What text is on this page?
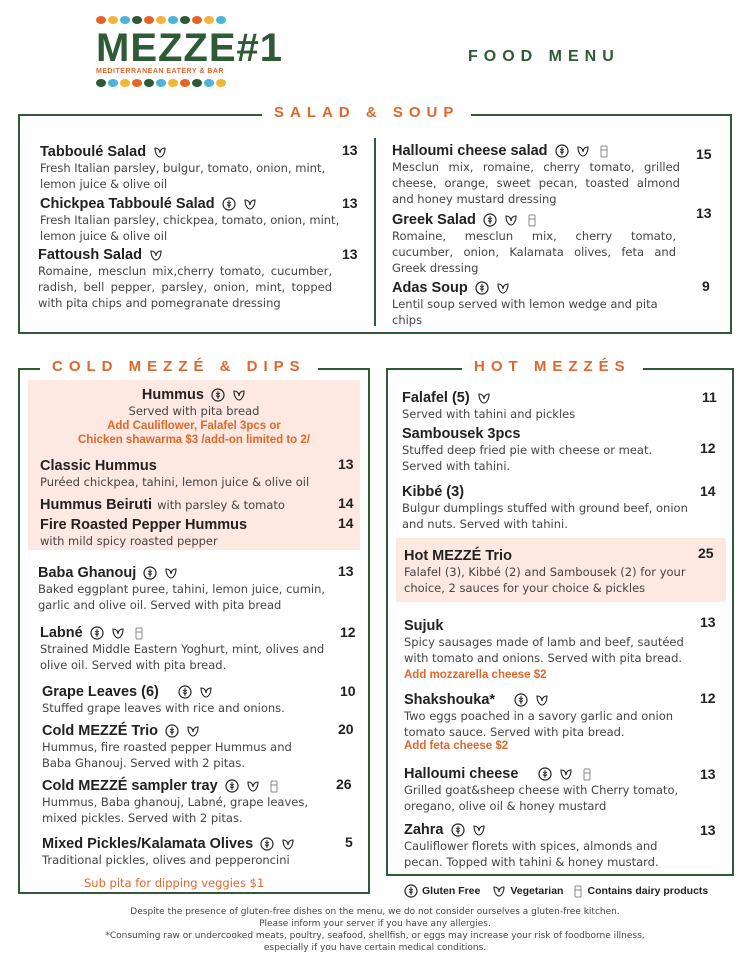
MEZZE#1
MEDITERRANEAN EATERY & BAR
FOOD MENU
SALAD & SOUP
Tabboulé Salad
Fresh Italian parsley, bulgur, tomato, onion, mint, lemon juice & olive oil
13
Chickpea Tabboulé Salad
Fresh Italian parsley, chickpea, tomato, onion, mint, lemon juice & olive oil
13
Fattoush Salad
Romaine, mesclun mix,cherry tomato, cucumber, radish, bell pepper, parsley, onion, mint, topped with pita chips and pomegranate dressing
13
Halloumi cheese salad
Mesclun mix, romaine, cherry tomato, grilled cheese, orange, sweet pecan, toasted almond and honey mustard dressing
15
Greek Salad
Romaine, mesclun mix, cherry tomato, cucumber, onion, Kalamata olives, feta and Greek dressing
13
Adas Soup
Lentil soup served with lemon wedge and pita chips
9
COLD MEZZÉ & DIPS
Hummus
Served with pita bread
Add Cauliflower, Falafel 3pcs or
Chicken shawarma $3 /add-on limited to 2/
Classic Hummus
Puréed chickpea, tahini, lemon juice & olive oil
13
Hummus Beiruti with parsley & tomato	14
Fire Roasted Pepper Hummus
with mild spicy roasted pepper
14
Baba Ghanouj
Baked eggplant puree, tahini, lemon juice, cumin, garlic and olive oil. Served with pita bread
13
Labné
Strained Middle Eastern Yoghurt, mint, olives and olive oil. Served with pita bread.
12
Grape Leaves (6)
Stuffed grape leaves with rice and onions.
10
Cold MEZZÉ Trio
Hummus, fire roasted pepper Hummus and Baba Ghanouj. Served with 2 pitas.
20
Cold MEZZÉ sampler tray
Hummus, Baba ghanouj, Labné, grape leaves, mixed pickles. Served with 2 pitas.
26
Mixed Pickles/Kalamata Olives
Traditional pickles, olives and pepperoncini
5
Sub pita for dipping veggies $1
HOT MEZZÉS
Falafel (5)
Served with tahini and pickles
11
Sambousek 3pcs
Stuffed deep fried pie with cheese or meat. Served with tahini.
12
Kibbé (3)
Bulgur dumplings stuffed with ground beef, onion and nuts. Served with tahini.
14
Hot MEZZÉ Trio
Falafel (3), Kibbé (2) and Sambousek (2) for your choice, 2 sauces for your choice & pickles
25
Sujuk
Spicy sausages made of lamb and beef, sautéed with tomato and onions. Served with pita bread. Add mozzarella cheese $2
13
Shakshouka*
Two eggs poached in a savory garlic and onion tomato sauce. Served with pita bread.
Add feta cheese $2
12
Halloumi cheese
Grilled goat&sheep cheese with Cherry tomato, oregano, olive oil & honey mustard
13
Zahra
Cauliflower florets with spices, almonds and pecan. Topped with tahini & honey mustard.
13
Gluten Free	Vegetarian Contains dairy products
Despite the presence of gluten-free dishes on the menu, we do not consider ourselves a gluten-free kitchen.
Please inform your server if you have any allergies.
*Consuming raw or undercooked meats, poultry, seafood, shellfish, or eggs may increase your risk of foodborne illness,
especially if you have certain medical conditions.
